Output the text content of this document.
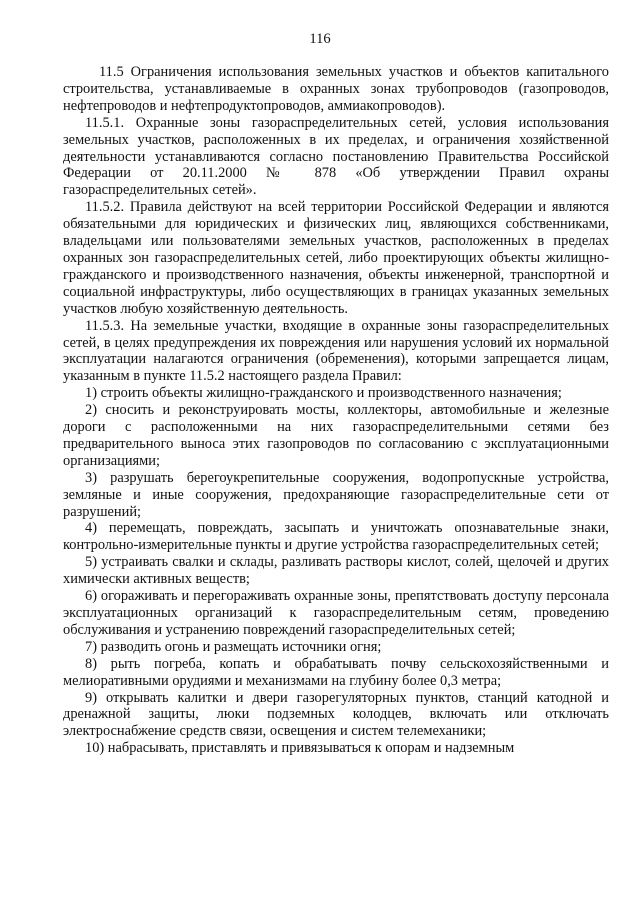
116

11.5 Ограничения использования земельных участков и объектов капитального строительства, устанавливаемые в охранных зонах трубопроводов (газопроводов, нефтепроводов и нефтепродуктопроводов, аммиакопроводов).

11.5.1. Охранные зоны газораспределительных сетей, условия использования земельных участков, расположенных в их пределах, и ограничения хозяйственной деятельности устанавливаются согласно постановлению Правительства Российской Федерации от 20.11.2000 № 878 «Об утверждении Правил охраны газораспределительных сетей».

11.5.2. Правила действуют на всей территории Российской Федерации и являются обязательными для юридических и физических лиц, являющихся собственниками, владельцами или пользователями земельных участков, расположенных в пределах охранных зон газораспределительных сетей, либо проектирующих объекты жилищно-гражданского и производственного назначения, объекты инженерной, транспортной и социальной инфраструктуры, либо осуществляющих в границах указанных земельных участков любую хозяйственную деятельность.

11.5.3. На земельные участки, входящие в охранные зоны газораспределительных сетей, в целях предупреждения их повреждения или нарушения условий их нормальной эксплуатации налагаются ограничения (обременения), которыми запрещается лицам, указанным в пункте 11.5.2 настоящего раздела Правил:

1) строить объекты жилищно-гражданского и производственного назначения;

2) сносить и реконструировать мосты, коллекторы, автомобильные и железные дороги с расположенными на них газораспределительными сетями без предварительного выноса этих газопроводов по согласованию с эксплуатационными организациями;

3) разрушать берегоукрепительные сооружения, водопропускные устройства, земляные и иные сооружения, предохраняющие газораспределительные сети от разрушений;

4) перемещать, повреждать, засыпать и уничтожать опознавательные знаки, контрольно-измерительные пункты и другие устройства газораспределительных сетей;

5) устраивать свалки и склады, разливать растворы кислот, солей, щелочей и других химически активных веществ;

6) огораживать и перегораживать охранные зоны, препятствовать доступу персонала эксплуатационных организаций к газораспределительным сетям, проведению обслуживания и устранению повреждений газораспределительных сетей;

7) разводить огонь и размещать источники огня;

8) рыть погреба, копать и обрабатывать почву сельскохозяйственными и мелиоративными орудиями и механизмами на глубину более 0,3 метра;

9) открывать калитки и двери газорегуляторных пунктов, станций катодной и дренажной защиты, люки подземных колодцев, включать или отключать электроснабжение средств связи, освещения и систем телемеханики;

10) набрасывать, приставлять и привязываться к опорам и надземным
